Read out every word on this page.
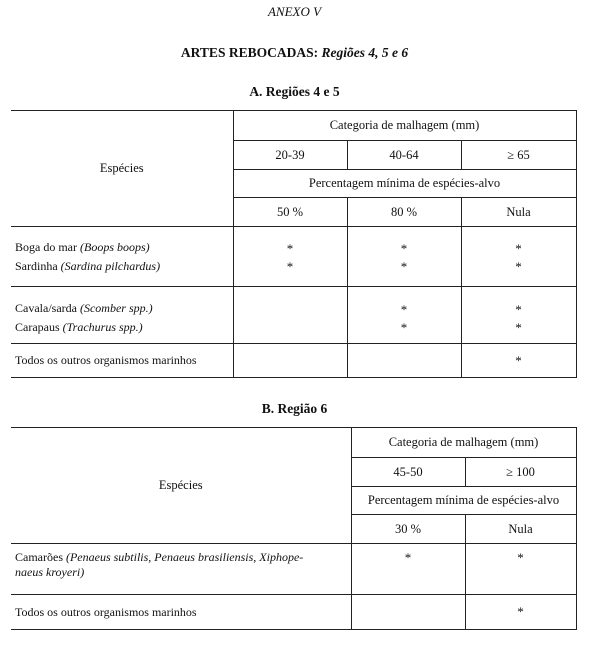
ANEXO V
ARTES REBOCADAS: Regiões 4, 5 e 6
A. Regiões 4 e 5
Espécies	Categoria de malhagem (mm)		
	20-39	40-64	≥ 65
	Percentagem mínima de espécies-alvo		
	50 %	80 %	Nula
Boga do mar (Boops boops)	*	*	*
Sardinha (Sardina pilchardus)	*	*	*
Cavala/sarda (Scomber spp.)		*	*
Carapaus (Trachurus spp.)		*	*
Todos os outros organismos marinhos			*
B. Região 6
Espécies	Categoria de malhagem (mm)	
	45-50	≥ 100
	Percentagem mínima de espécies-alvo	
	30 %	Nula
Camarões (Penaeus subtilis, Penaeus brasiliensis, Xiphope-
naeus kroyeri)	*	*
Todos os outros organismos marinhos		*
